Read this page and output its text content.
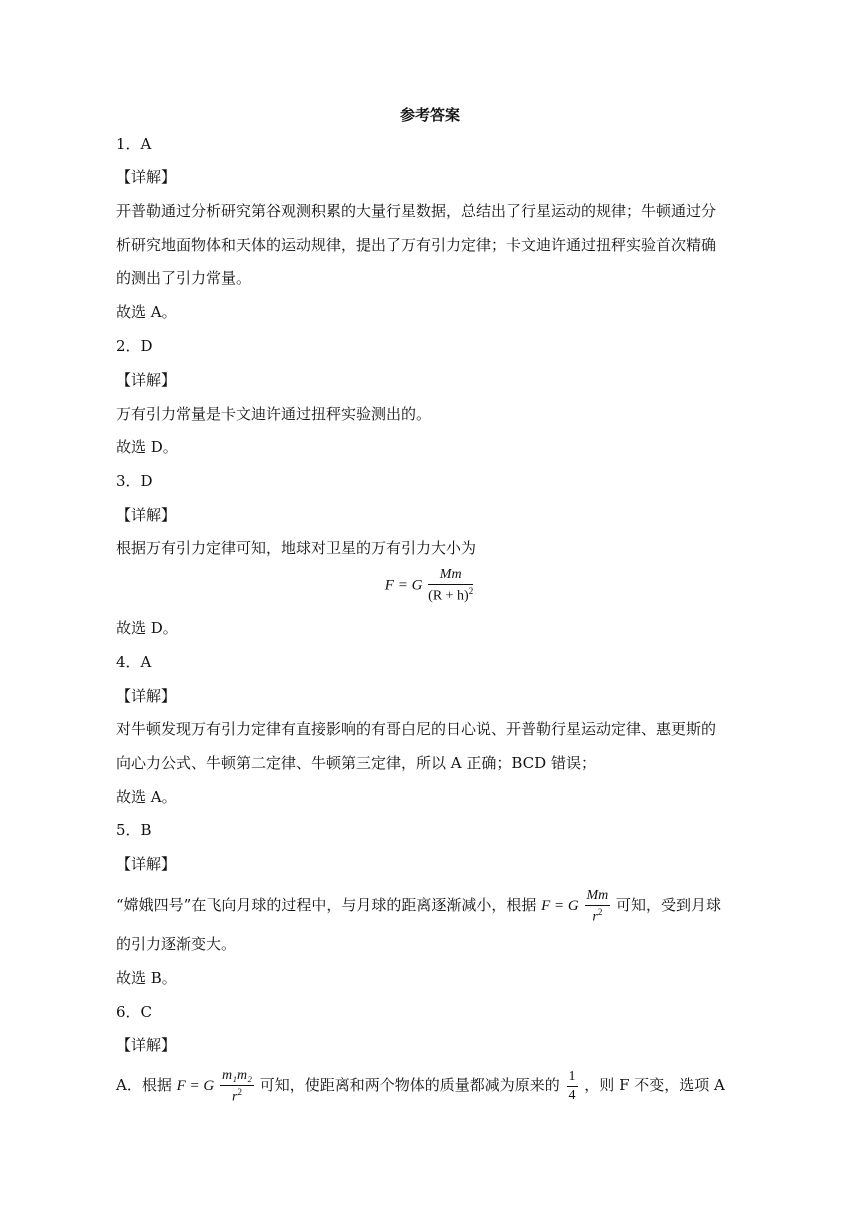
参考答案
1．A
【详解】
开普勒通过分析研究第谷观测积累的大量行星数据，总结出了行星运动的规律；牛顿通过分
析研究地面物体和天体的运动规律，提出了万有引力定律；卡文迪许通过扭秤实验首次精确
的测出了引力常量。
故选 A。
2．D
【详解】
万有引力常量是卡文迪许通过扭秤实验测出的。
故选 D。
3．D
【详解】
根据万有引力定律可知，地球对卫星的万有引力大小为
F = G $\frac{Mm}{(R + h)^2}$
故选 D。
4．A
【详解】
对牛顿发现万有引力定律有直接影响的有哥白尼的日心说、开普勒行星运动定律、惠更斯的
向心力公式、牛顿第二定律、牛顿第三定律，所以 A 正确；BCD 错误；
故选 A。
5．B
【详解】
“嫦娥四号”在飞向月球的过程中，与月球的距离逐渐减小，根据 F = G $\frac{Mm}{r^2}$ 可知，受到月球
的引力逐渐变大。
故选 B。
6．C
【详解】
A．根据 F = G $\frac{\text{m₁m₂}}{r^2}$ 可知，使距离和两个物体的质量都减为原来的 $\frac{1}{4}$ ，则 F 不变，选项 A
